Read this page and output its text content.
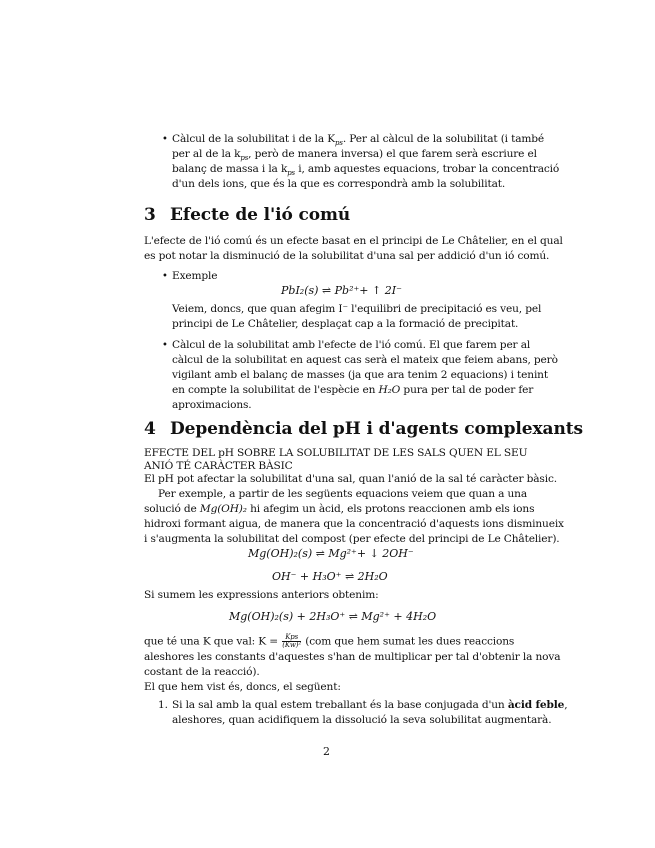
• Càlcul de la solubilitat i de la $K_{ps}$. Per al càlcul de la solubilitat (i també
per al de la $k_{ps}$, però de manera inversa) el que farem serà escriure el
balanç de massa i la $k_{ps}$ i, amb aquestes equacions, trobar la concentració
d'un dels ions, que és la que es correspondrà amb la solubilitat.
3 Efecte de l'ió comú
L'efecte de l'ió comú és un efecte basat en el principi de Le Châtelier, en el qual
es pot notar la disminució de la solubilitat d'una sal per addició d'un ió comú.
• Exemple
PbI₂(s) ⇌ Pb²⁺+ ↑ 2I⁻
Veiem, doncs, que quan afegim I⁻ l'equilibri de precipitació es veu, pel
principi de Le Châtelier, desplaçat cap a la formació de precipitat.
• Càlcul de la solubilitat amb l'efecte de l'ió comú. El que farem per al
càlcul de la solubilitat en aquest cas serà el mateix que feiem abans, però
vigilant amb el balanç de masses (ja que ara tenim 2 equacions) i tenint
en compte la solubilitat de l'espècie en H₂O pura per tal de poder fer
aproximacions.
4 Dependència del pH i d'agents complexants
EFECTE DEL pH SOBRE LA SOLUBILITAT DE LES SALS QUEN EL SEU
ANIÓ TÉ CARÀCTER BÀSIC
El pH pot afectar la solubilitat d'una sal, quan l'anió de la sal té caràcter bàsic.
Per exemple, a partir de les següents equacions veiem que quan a una
solució de Mg(OH)₂ hi afegim un àcid, els protons reaccionen amb els ions
hidroxi formant aigua, de manera que la concentració d'aquests ions disminueix
i s'augmenta la solubilitat del compost (per efecte del principi de Le Châtelier).
Mg(OH)₂(s) ⇌ Mg²⁺+ ↓ 2OH⁻
OH⁻ + H₃O⁺ ⇌ 2H₂O
Si sumem les expressions anteriors obtenim:
Mg(OH)₂(s) + 2H₃O⁺ ⇌ Mg²⁺ + 4H₂O
que té una K que val: $K = \frac{\text{Kps}}{\text{(Kw)²}} (com$ que hem sumat les dues reaccions
aleshores les constants d'aquestes s'han de multiplicar per tal d'obtenir la nova
costant de la reacció).
El que hem vist és, doncs, el següent:
1. Si la sal amb la qual estem treballant és la base conjugada d'un àcid feble,
aleshores, quan acidifiquem la dissolució la seva solubilitat augmentarà.
2
